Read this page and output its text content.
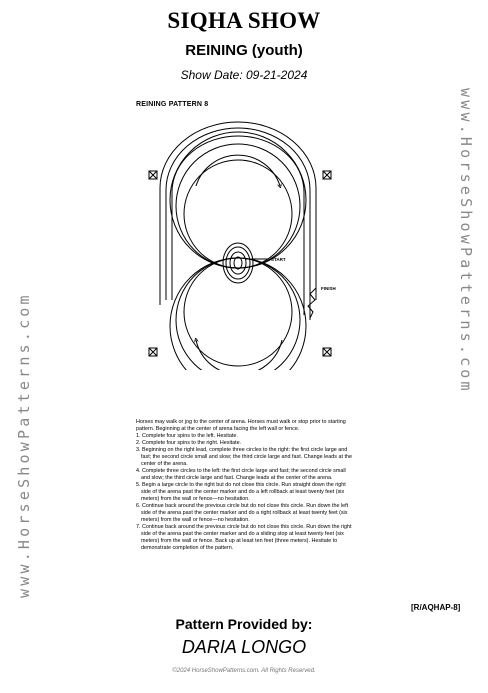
SIQHA SHOW
REINING (youth)
Show Date: 09-21-2024
www.HorseShowPatterns.com
www.HorseShowPatterns.com
REINING PATTERN 8
START
FINISH

Horses may walk or jog to the center of arena. Horses must walk or stop prior to starting pattern. Beginning at the center of arena facing the left wall or fence.

1. Complete four spins to the left. Hesitate.
2. Complete four spins to the right. Hesitate.
3. Beginning on the right lead, complete three circles to the right: the first circle large and fast; the second circle small and slow; the third circle large and fast. Change leads at the center of the arena.
4. Complete three circles to the left: the first circle large and fast; the second circle small and slow; the third circle large and fast. Change leads at the center of the arena.
5. Begin a large circle to the right but do not close this circle. Run straight down the right side of the arena past the center marker and do a left rollback at least twenty feet (six meters) from the wall or fence—no hesitation.
6. Continue back around the previous circle but do not close this circle. Run down the left side of the arena past the center marker and do a right rollback at least twenty feet (six meters) from the wall or fence—no hesitation.
7. Continue back around the previous circle but do not close this circle. Run down the right side of the arena past the center marker and do a sliding stop at least twenty feet (six meters) from the wall or fence. Back up at least ten feet (three meters). Hesitate to demonstrate completion of the pattern.
[R/AQHAP-8]
Pattern Provided by:
DARIA LONGO
©2024 HorseShowPatterns.com. All Rights Reserved.
